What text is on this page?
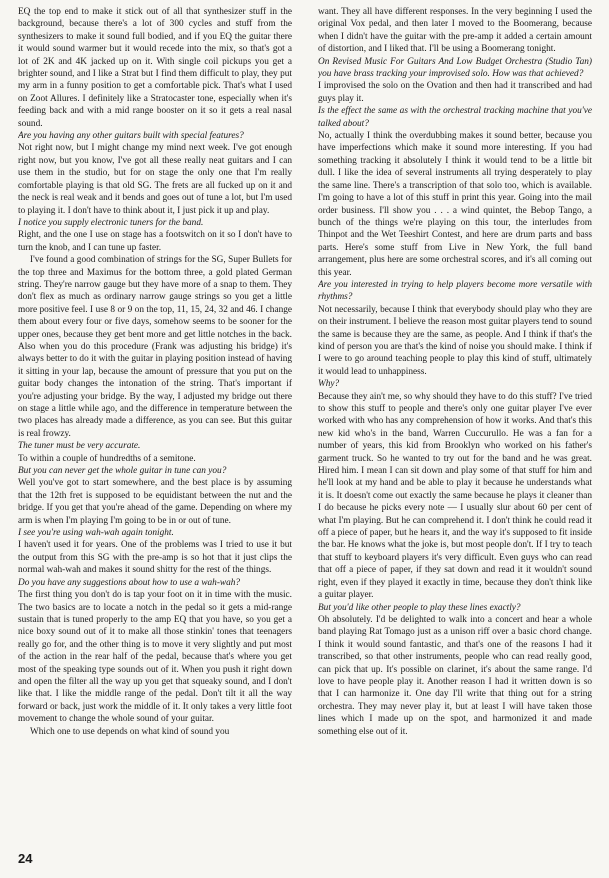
EQ the top end to make it stick out of all that synthesizer stuff in the background, because there's a lot of 300 cycles and stuff from the synthesizers to make it sound full bodied, and if you EQ the guitar there it would sound warmer but it would recede into the mix, so that's got a lot of 2K and 4K jacked up on it. With single coil pickups you get a brighter sound, and I like a Strat but I find them difficult to play, they put my arm in a funny position to get a comfortable pick. That's what I used on Zoot Allures. I definitely like a Stratocaster tone, especially when it's feeding back and with a mid range booster on it so it gets a real nasal sound.

Are you having any other guitars built with special features?

Not right now, but I might change my mind next week. I've got enough right now, but you know, I've got all these really neat guitars and I can use them in the studio, but for on stage the only one that I'm really comfortable playing is that old SG. The frets are all fucked up on it and the neck is real weak and it bends and goes out of tune a lot, but I'm used to playing it. I don't have to think about it, I just pick it up and play.

I notice you supply electronic tuners for the band.

Right, and the one I use on stage has a footswitch on it so I don't have to turn the knob, and I can tune up faster.

I've found a good combination of strings for the SG, Super Bullets for the top three and Maximus for the bottom three, a gold plated German string. They're narrow gauge but they have more of a snap to them. They don't flex as much as ordinary narrow gauge strings so you get a little more positive feel. I use 8 or 9 on the top, 11, 15, 24, 32 and 46. I change them about every four or five days, somehow seems to be sooner for the upper ones, because they get bent more and get little notches in the back. Also when you do this procedure (Frank was adjusting his bridge) it's always better to do it with the guitar in playing position instead of having it sitting in your lap, because the amount of pressure that you put on the guitar body changes the intonation of the string. That's important if you're adjusting your bridge. By the way, I adjusted my bridge out there on stage a little while ago, and the difference in temperature between the two places has already made a difference, as you can see. But this guitar is real frowzy.

The tuner must be very accurate.

To within a couple of hundredths of a semitone.

But you can never get the whole guitar in tune can you?

Well you've got to start somewhere, and the best place is by assuming that the 12th fret is supposed to be equidistant between the nut and the bridge. If you get that you're ahead of the game. Depending on where my arm is when I'm playing I'm going to be in or out of tune.

I see you're using wah-wah again tonight.

I haven't used it for years. One of the problems was I tried to use it but the output from this SG with the pre-amp is so hot that it just clips the normal wah-wah and makes it sound shitty for the rest of the things.

Do you have any suggestions about how to use a wah-wah?

The first thing you don't do is tap your foot on it in time with the music. The two basics are to locate a notch in the pedal so it gets a mid-range sustain that is tuned properly to the amp EQ that you have, so you get a nice boxy sound out of it to make all those stinkin' tones that teenagers really go for, and the other thing is to move it very slightly and put most of the action in the rear half of the pedal, because that's where you get most of the speaking type sounds out of it. When you push it right down and open the filter all the way up you get that squeaky sound, and I don't like that. I like the middle range of the pedal. Don't tilt it all the way forward or back, just work the middle of it. It only takes a very little foot movement to change the whole sound of your guitar.

Which one to use depends on what kind of sound you

want. They all have different responses. In the very beginning I used the original Vox pedal, and then later I moved to the Boomerang, because when I didn't have the guitar with the pre-amp it added a certain amount of distortion, and I liked that. I'll be using a Boomerang tonight.

On Revised Music For Guitars And Low Budget Orchestra (Studio Tan) you have brass tracking your improvised solo. How was that achieved?

I improvised the solo on the Ovation and then had it transcribed and had guys play it.

Is the effect the same as with the orchestral tracking machine that you've talked about?

No, actually I think the overdubbing makes it sound better, because you have imperfections which make it sound more interesting. If you had something tracking it absolutely I think it would tend to be a little bit dull. I like the idea of several instruments all trying desperately to play the same line. There's a transcription of that solo too, which is available. I'm going to have a lot of this stuff in print this year. Going into the mail order business. I'll show you . . . a wind quintet, the Bebop Tango, a bunch of the things we're playing on this tour, the interludes from Thinpot and the Wet Teeshirt Contest, and here are drum parts and bass parts. Here's some stuff from Live in New York, the full band arrangement, plus here are some orchestral scores, and it's all coming out this year.

Are you interested in trying to help players become more versatile with rhythms?

Not necessarily, because I think that everybody should play who they are on their instrument. I believe the reason most guitar players tend to sound the same is because they are the same, as people. And I think if that's the kind of person you are that's the kind of noise you should make. I think if I were to go around teaching people to play this kind of stuff, ultimately it would lead to unhappiness.

Why?

Because they ain't me, so why should they have to do this stuff? I've tried to show this stuff to people and there's only one guitar player I've ever worked with who has any comprehension of how it works. And that's this new kid who's in the band, Warren Cuccurullo. He was a fan for a number of years, this kid from Brooklyn who worked on his father's garment truck. So he wanted to try out for the band and he was great. Hired him. I mean I can sit down and play some of that stuff for him and he'll look at my hand and be able to play it because he understands what it is. It doesn't come out exactly the same because he plays it cleaner than I do because he picks every note — I usually slur about 60 per cent of what I'm playing. But he can comprehend it. I don't think he could read it off a piece of paper, but he hears it, and the way it's supposed to fit inside the bar. He knows what the joke is, but most people don't. If I try to teach that stuff to keyboard players it's very difficult. Even guys who can read that off a piece of paper, if they sat down and read it it wouldn't sound right, even if they played it exactly in time, because they don't think like a guitar player.

But you'd like other people to play these lines exactly?

Oh absolutely. I'd be delighted to walk into a concert and hear a whole band playing Rat Tomago just as a unison riff over a basic chord change. I think it would sound fantastic, and that's one of the reasons I had it transcribed, so that other instruments, people who can read really good, can pick that up. It's possible on clarinet, it's about the same range. I'd love to have people play it. Another reason I had it written down is so that I can harmonize it. One day I'll write that thing out for a string orchestra. They may never play it, but at least I will have taken those lines which I made up on the spot, and harmonized it and made something else out of it.

24
